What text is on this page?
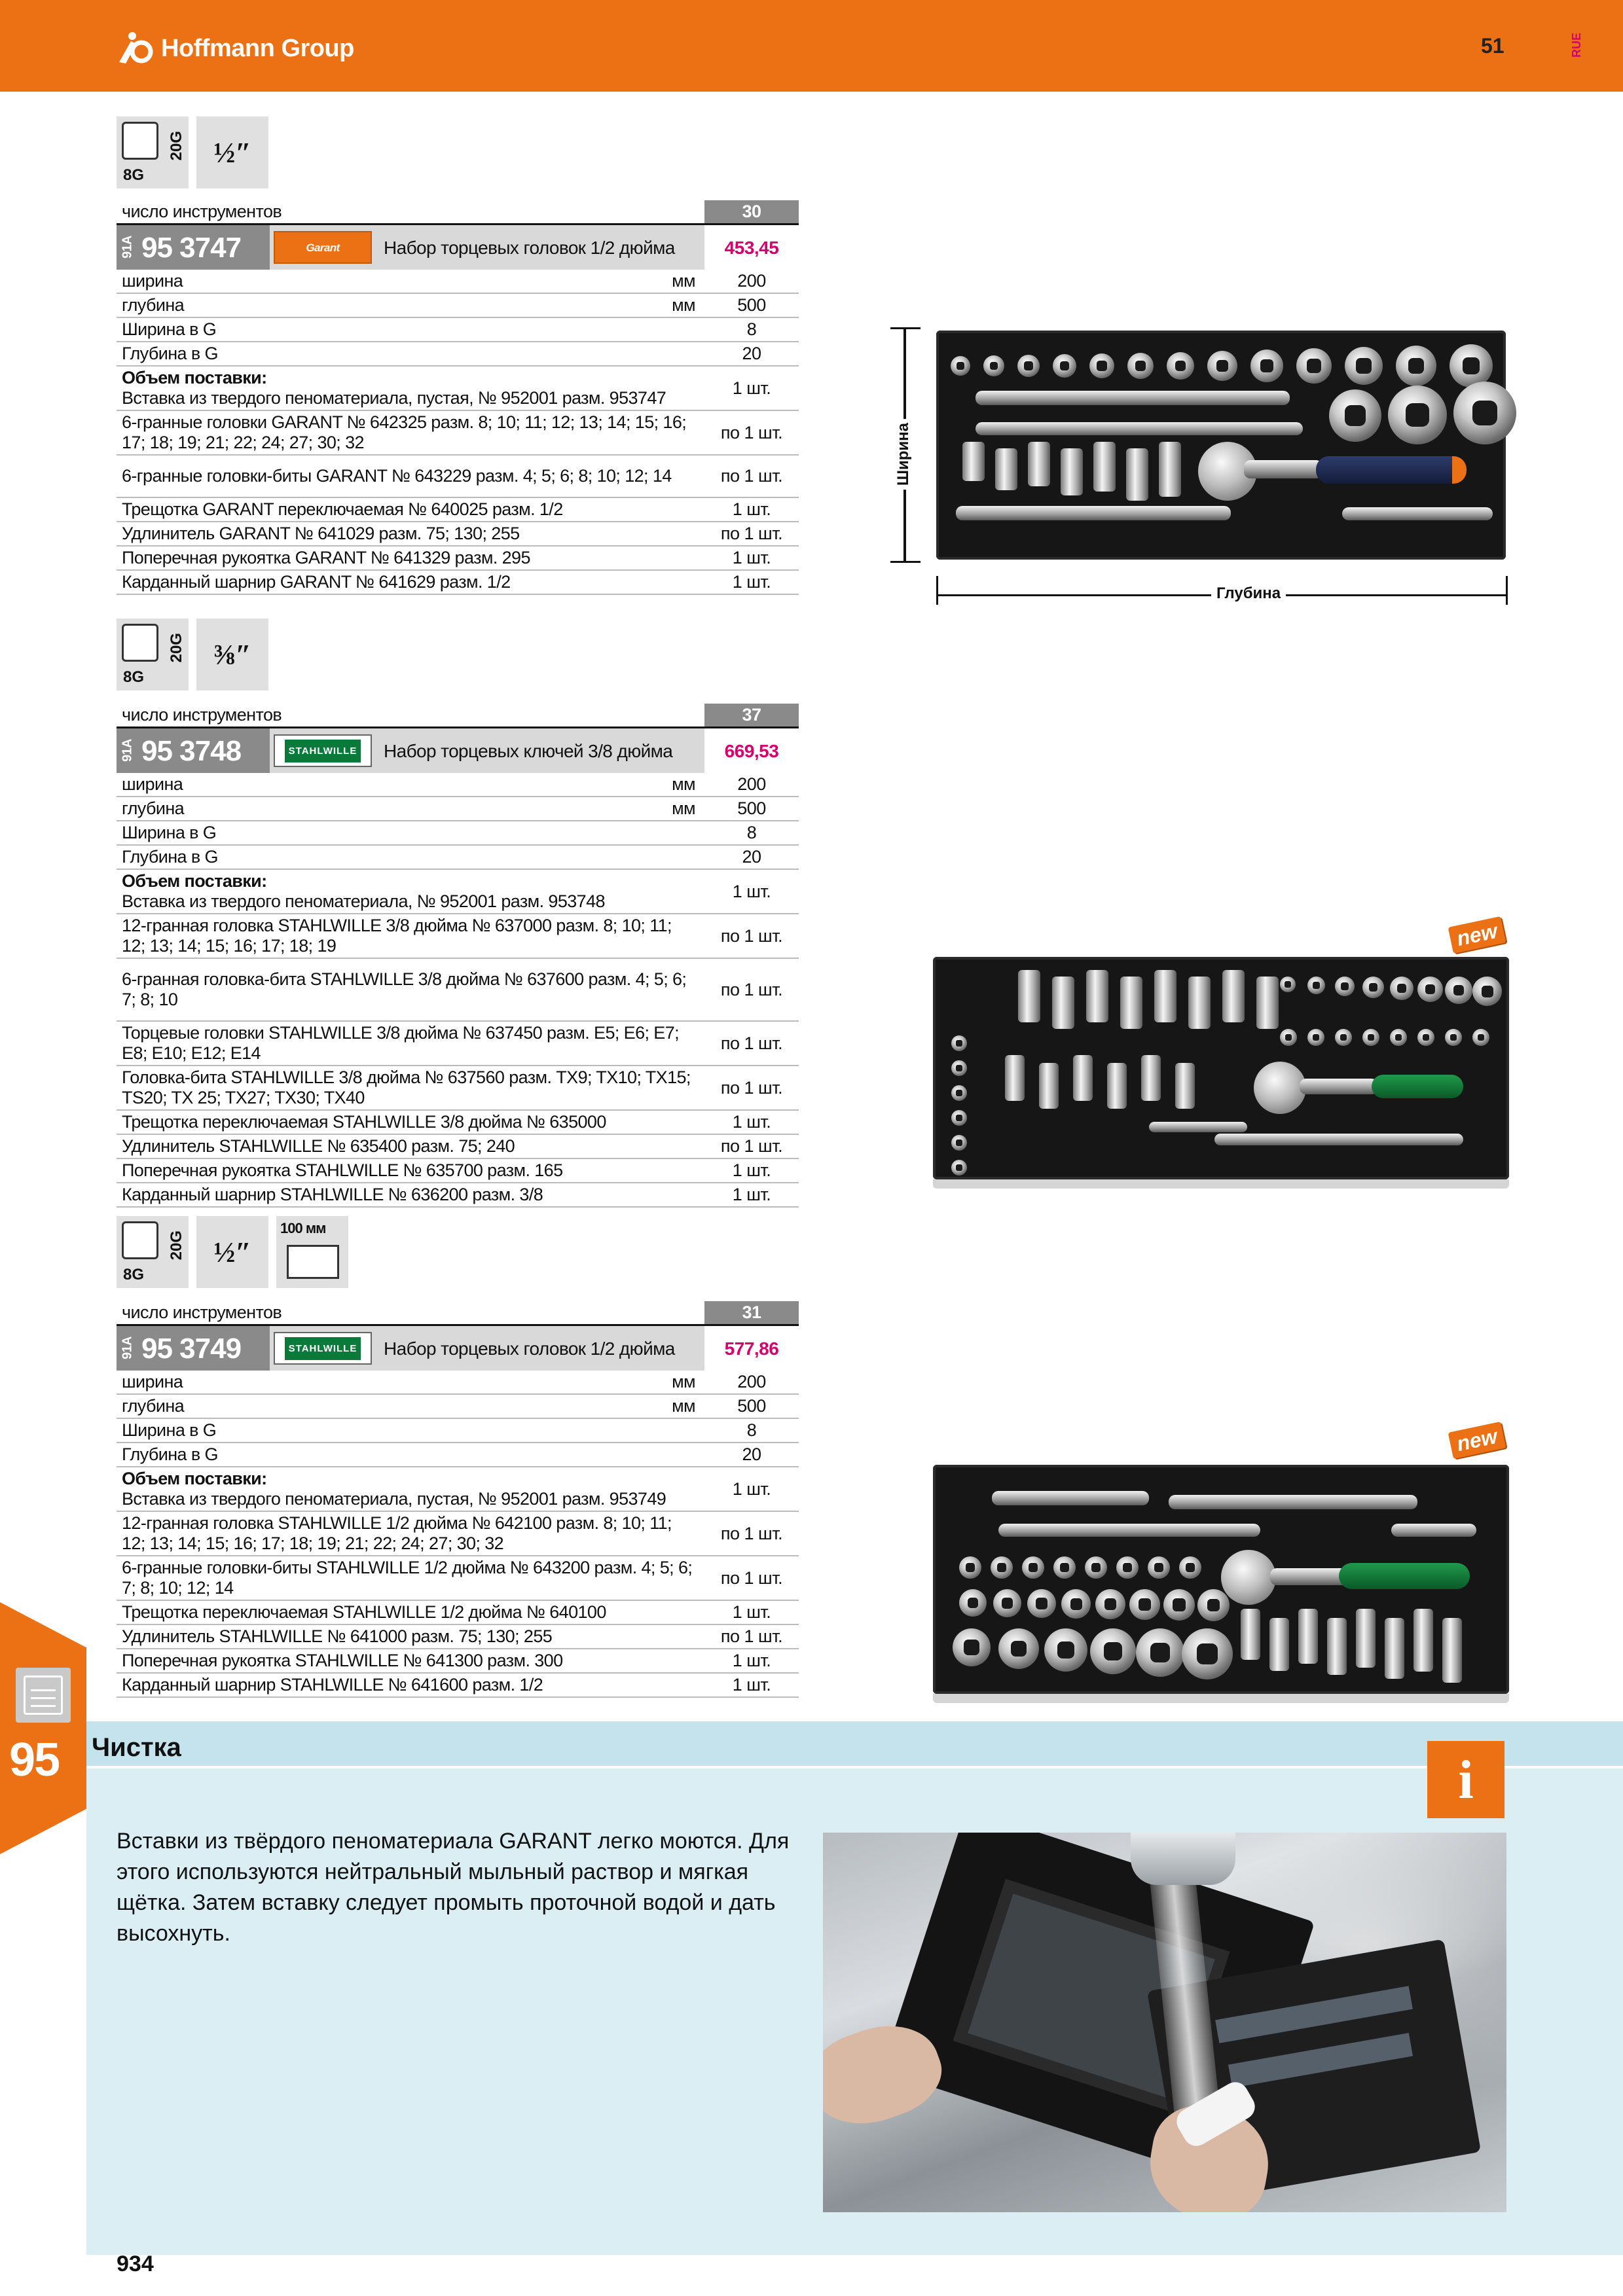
Hoffmann Group	51	RUE
8G
20G ½″
число инструментов	30
91A 95 3747	Garant	Набор торцевых головок 1/2 дюйма	453,45
ширина	мм	200
глубина	мм	500
Ширина в G	8
Глубина в G	20
Объем поставки:
Вставка из твердого пеноматериала, пустая, № 952001 разм. 953747
1 шт.
6-гранные головки GARANT № 642325 разм. 8; 10; 11; 12; 13; 14; 15; 16; 17; 18; 19; 21; 22; 24; 27; 30; 32
по 1 шт.
6-гранные головки-биты GARANT № 643229 разм. 4; 5; 6; 8; 10; 12; 14	по 1 шт.
Трещотка GARANT переключаемая № 640025 разм. 1/2	1 шт.
Удлинитель GARANT № 641029 разм. 75; 130; 255	по 1 шт.
Поперечная рукоятка GARANT № 641329 разм. 295	1 шт.
Карданный шарнир GARANT № 641629 разм. 1/2	1 шт.
Ширина
Глубина
8G
20G ⅜″
число инструментов	37
91A 95 3748	STAHLWILLE Набор торцевых ключей 3/8 дюйма	669,53
ширина	мм	200
глубина	мм	500
Ширина в G	8
Глубина в G	20
Объем поставки:
Вставка из твердого пеноматериала, № 952001 разм. 953748
1 шт.
12-гранная головка STAHLWILLE 3/8 дюйма № 637000 разм. 8; 10; 11; 12; 13; 14; 15; 16; 17; 18; 19
по 1 шт.
6-гранная головка-бита STAHLWILLE 3/8 дюйма № 637600 разм. 4; 5; 6; 7; 8; 10
по 1 шт.
Торцевые головки STAHLWILLE 3/8 дюйма № 637450 разм. E5; E6; E7; E8; E10; E12; E14
по 1 шт.
Головка-бита STAHLWILLE 3/8 дюйма № 637560 разм. TX9; TX10; TX15; TS20; TX 25; TX27; TX30; TX40
по 1 шт.
Трещотка переключаемая STAHLWILLE 3/8 дюйма № 635000	1 шт.
Удлинитель STAHLWILLE № 635400 разм. 75; 240	по 1 шт.
Поперечная рукоятка STAHLWILLE № 635700 разм. 165	1 шт.
Карданный шарнир STAHLWILLE № 636200 разм. 3/8	1 шт.
new
8G
20G ½″
100 мм
число инструментов	31
91A 95 3749	STAHLWILLE Набор торцевых головок 1/2 дюйма	577,86
ширина	мм	200
глубина	мм	500
Ширина в G	8
Глубина в G	20
Объем поставки:
Вставка из твердого пеноматериала, пустая, № 952001 разм. 953749
1 шт.
12-гранная головка STAHLWILLE 1/2 дюйма № 642100 разм. 8; 10; 11; 12; 13; 14; 15; 16; 17; 18; 19; 21; 22; 24; 27; 30; 32
по 1 шт.
6-гранные головки-биты STAHLWILLE 1/2 дюйма № 643200 разм. 4; 5; 6; 7; 8; 10; 12; 14
по 1 шт.
Трещотка переключаемая STAHLWILLE 1/2 дюйма № 640100	1 шт.
Удлинитель STAHLWILLE № 641000 разм. 75; 130; 255	по 1 шт.
Поперечная рукоятка STAHLWILLE № 641300 разм. 300	1 шт.
Карданный шарнир STAHLWILLE № 641600 разм. 1/2	1 шт.
new
95 Чистка
i
Вставки из твёрдого пеноматериала GARANT легко моются. Для этого используются нейтральный мыльный раствор и мягкая щётка. Затем вставку следует промыть проточной водой и дать высохнуть.
934
